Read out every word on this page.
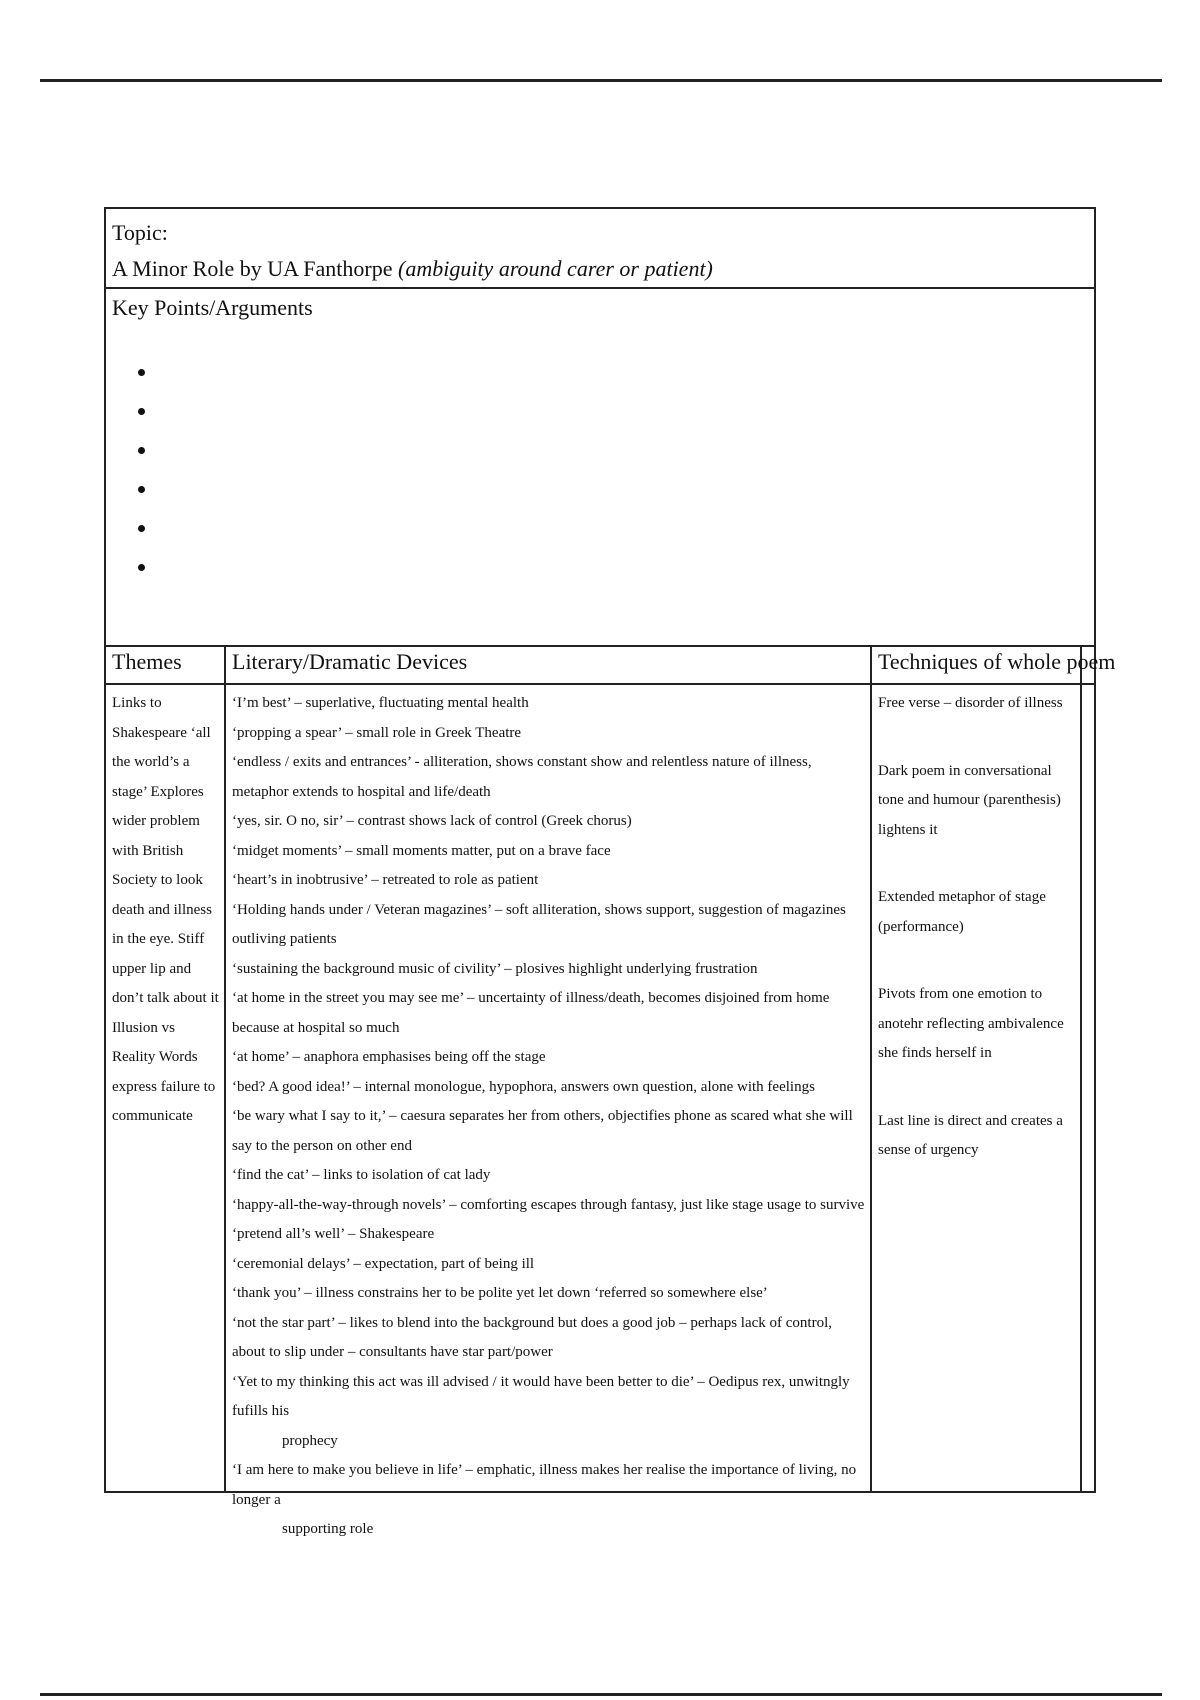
Topic:
A Minor Role by UA Fanthorpe (ambiguity around carer or patient)
Key Points/Arguments
Themes
Links to Shakespeare ‘all the world’s a stage’ Explores wider problem with British Society to look death and illness in the eye. Stiff upper lip and don’t talk about it Illusion vs Reality Words express failure to communicate
Literary/Dramatic Devices
‘I’m best’ – superlative, fluctuating mental health
‘propping a spear’ – small role in Greek Theatre
‘endless / exits and entrances’ - alliteration, shows constant show and relentless nature of illness, metaphor extends to hospital and life/death
‘yes, sir. O no, sir’ – contrast shows lack of control (Greek chorus)
‘midget moments’ – small moments matter, put on a brave face
‘heart’s in inobtrusive’ – retreated to role as patient
‘Holding hands under / Veteran magazines’ – soft alliteration, shows support, suggestion of magazines outliving patients
‘sustaining the background music of civility’ – plosives highlight underlying frustration
‘at home in the street you may see me’ – uncertainty of illness/death, becomes disjoined from home because at hospital so much
‘at home’ – anaphora emphasises being off the stage
‘bed? A good idea!’ – internal monologue, hypophora, answers own question, alone with feelings
‘be wary what I say to it,’ – caesura separates her from others, objectifies phone as scared what she will say to the person on other end
‘find the cat’ – links to isolation of cat lady
‘happy-all-the-way-through novels’ – comforting escapes through fantasy, just like stage usage to survive
‘pretend all’s well’ – Shakespeare
‘ceremonial delays’ – expectation, part of being ill
‘thank you’ – illness constrains her to be polite yet let down ‘referred so somewhere else’
‘not the star part’ – likes to blend into the background but does a good job – perhaps lack of control, about to slip under – consultants have star part/power
‘Yet to my thinking this act was ill advised / it would have been better to die’ – Oedipus rex, unwitngly fufills his
prophecy
‘I am here to make you believe in life’ – emphatic, illness makes her realise the importance of living, no longer a
supporting role
Techniques of whole poem
Free verse – disorder of illness
Dark poem in conversational tone and humour (parenthesis) lightens it
Extended metaphor of stage (performance)
Pivots from one emotion to anotehr reflecting ambivalence she finds herself in
Last line is direct and creates a sense of urgency
